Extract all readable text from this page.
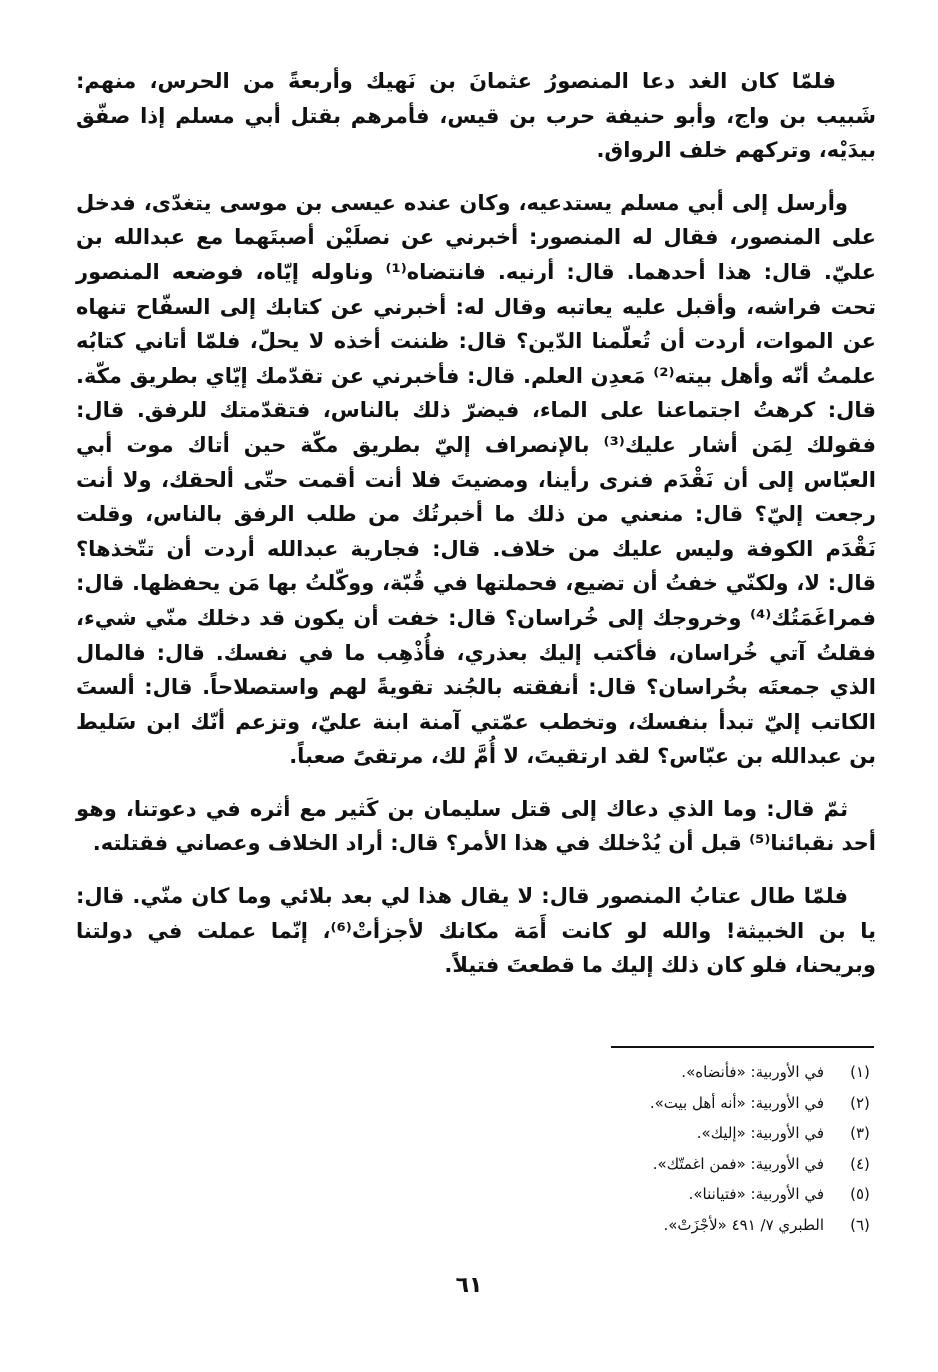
فلمّا كان الغد دعا المنصورُ عثمانَ بن نَهيك وأربعةً من الحرس، منهم: شَبيب بن واج، وأبو حنيفة حرب بن قيس، فأمرهم بقتل أبي مسلم إذا صفّق بيدَيْه، وتركهم خلف الرواق.

وأرسل إلى أبي مسلم يستدعيه، وكان عنده عيسى بن موسى يتغدّى، فدخل على المنصور، فقال له المنصور: أخبرني عن نصلَيْن أصبتَهما مع عبدالله بن عليّ. قال: هذا أحدهما. قال: أرنيه. فانتضاه⁽¹⁾ وناوله إيّاه، فوضعه المنصور تحت فراشه، وأقبل عليه يعاتبه وقال له: أخبرني عن كتابك إلى السفّاح تنهاه عن الموات، أردت أن تُعلّمنا الدّين؟ قال: ظننت أخذه لا يحلّ، فلمّا أتاني كتابُه علمتُ أنّه وأهل بيته⁽²⁾ مَعدِن العلم. قال: فأخبرني عن تقدّمك إيّاي بطريق مكّة. قال: كرهتُ اجتماعنا على الماء، فيضرّ ذلك بالناس، فتقدّمتك للرفق. قال: فقولك لِمَن أشار عليك⁽³⁾ بالإنصراف إليّ بطريق مكّة حين أتاك موت أبي العبّاس إلى أن نَقْدَم فنرى رأينا، ومضيتَ فلا أنت أقمت حتّى ألحقك، ولا أنت رجعت إليّ؟ قال: منعني من ذلك ما أخبرتُك من طلب الرفق بالناس، وقلت نَقْدَم الكوفة وليس عليك من خلاف. قال: فجارية عبدالله أردت أن تتّخذها؟ قال: لا، ولكنّي خفتُ أن تضيع، فحملتها في قُبّة، ووكّلتُ بها مَن يحفظها. قال: فمراغَمَتُك⁽⁴⁾ وخروجك إلى خُراسان؟ قال: خفت أن يكون قد دخلك منّي شيء، فقلتُ آتي خُراسان، فأكتب إليك بعذري، فأُذْهِب ما في نفسك. قال: فالمال الذي جمعتَه بخُراسان؟ قال: أنفقته بالجُند تقويةً لهم واستصلاحاً. قال: ألستَ الكاتب إليّ تبدأ بنفسك، وتخطب عمّتي آمنة ابنة عليّ، وتزعم أنّك ابن سَليط بن عبدالله بن عبّاس؟ لقد ارتقيتَ، لا أُمَّ لك، مرتقىً صعباً.

ثمّ قال: وما الذي دعاك إلى قتل سليمان بن كَثير مع أثره في دعوتنا، وهو أحد نقبائنا⁽⁵⁾ قبل أن يُدْخلك في هذا الأمر؟ قال: أراد الخلاف وعصاني فقتلته.

فلمّا طال عتابُ المنصور قال: لا يقال هذا لي بعد بلائي وما كان منّي. قال: يا بن الخبيثة! والله لو كانت أَمَة مكانك لأجزأتْ⁽⁶⁾، إنّما عملت في دولتنا وبريحنا، فلو كان ذلك إليك ما قطعتَ فتيلاً.

(١)
في الأوربية: «فأنضاه».
(٢)
في الأوربية: «أنه أهل بيت».
(٣)
في الأوربية: «إليك».
(٤)
في الأوربية: «فمن اغمتّك».
(٥)
في الأوربية: «فتياننا».
(٦)
الطبري ٧/ ٤٩١ «لأجْزَتْ».
٦١
